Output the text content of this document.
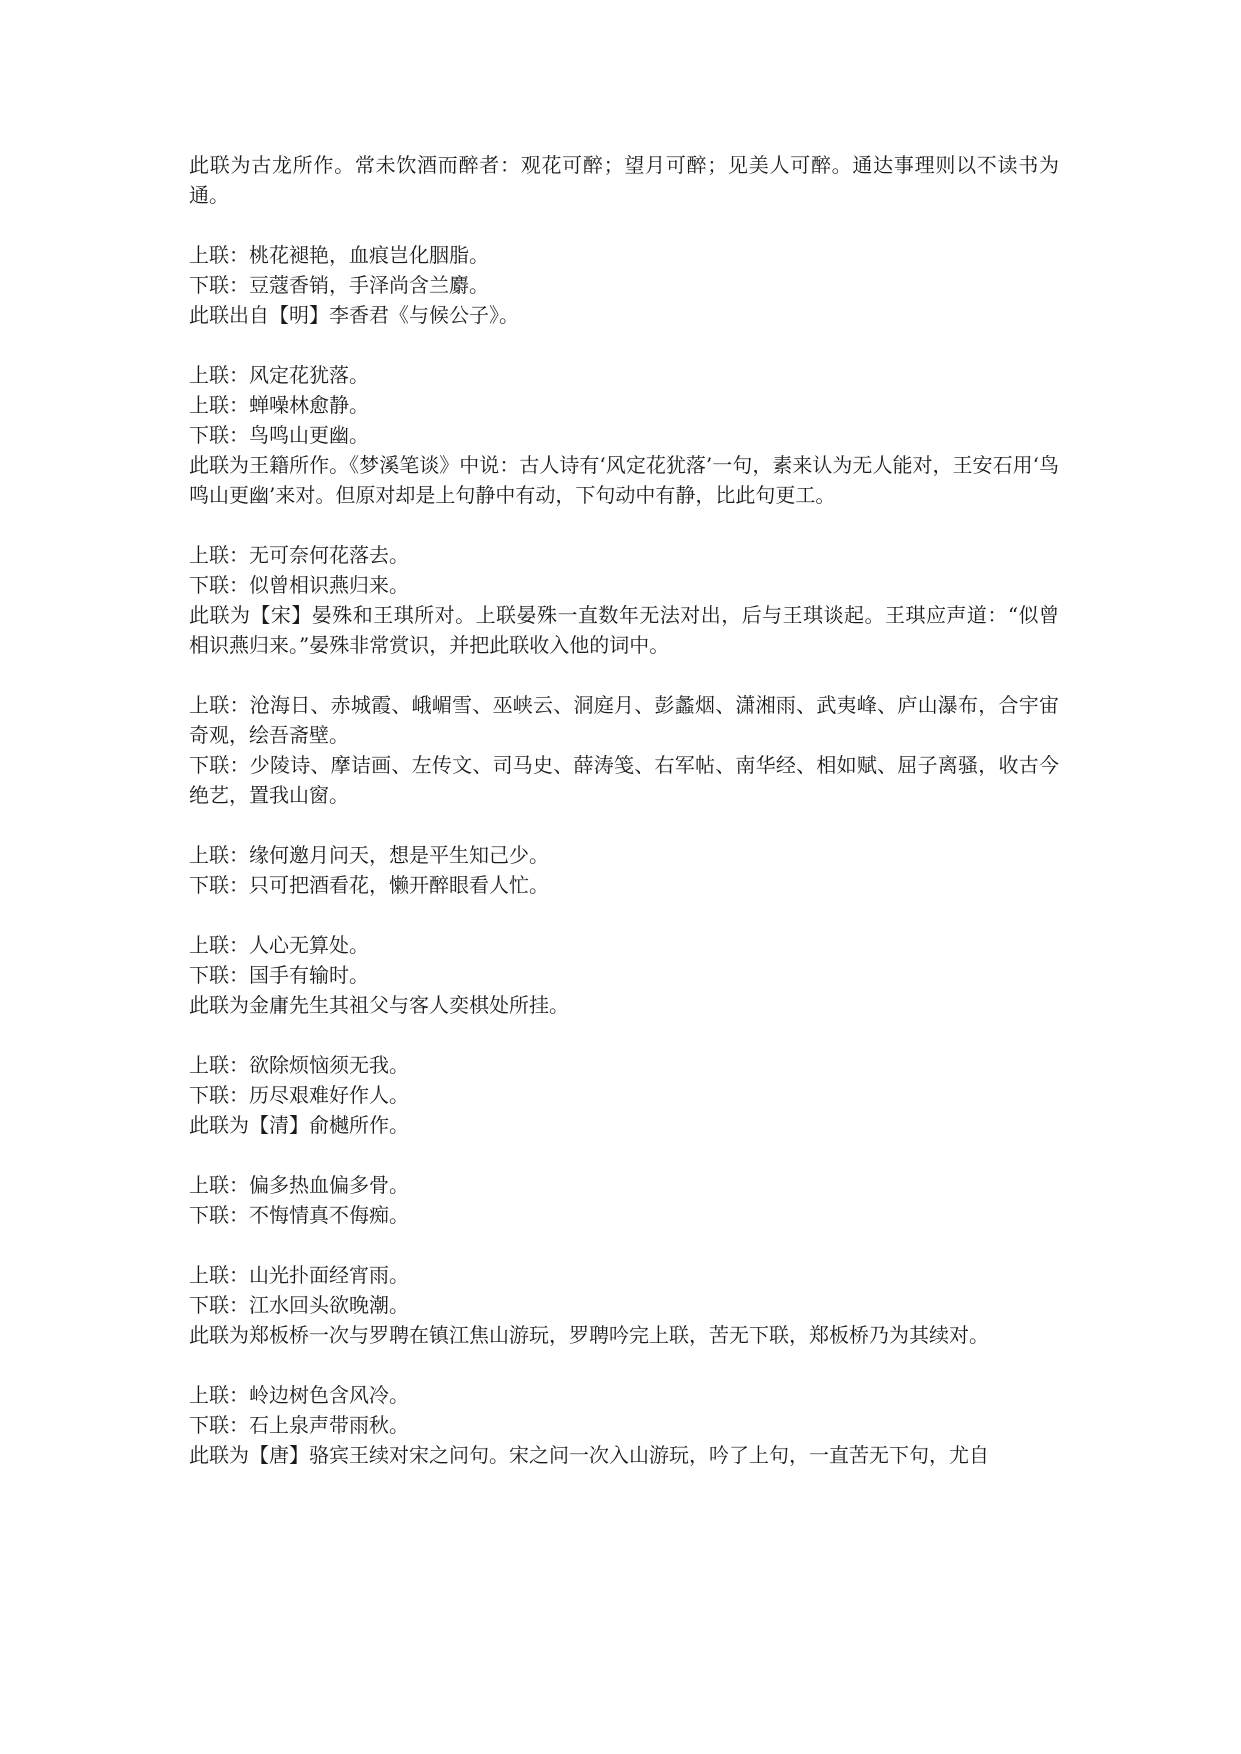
此联为古龙所作。常未饮酒而醉者：观花可醉；望月可醉；见美人可醉。通达事理则以不读书为通。
上联：桃花褪艳，血痕岂化胭脂。
下联：豆蔻香销，手泽尚含兰麝。
此联出自【明】李香君《与候公子》。
上联：风定花犹落。
上联：蝉噪林愈静。
下联：鸟鸣山更幽。
此联为王籍所作。《梦溪笔谈》中说：古人诗有‘风定花犹落’一句，素来认为无人能对，王安石用‘鸟鸣山更幽’来对。但原对却是上句静中有动，下句动中有静，比此句更工。
上联：无可奈何花落去。
下联：似曾相识燕归来。
此联为【宋】晏殊和王琪所对。上联晏殊一直数年无法对出，后与王琪谈起。王琪应声道：“似曾相识燕归来。”晏殊非常赏识，并把此联收入他的词中。
上联：沧海日、赤城霞、峨嵋雪、巫峡云、洞庭月、彭蠡烟、潇湘雨、武夷峰、庐山瀑布，合宇宙奇观，绘吾斋壁。
下联：少陵诗、摩诘画、左传文、司马史、薛涛笺、右军帖、南华经、相如赋、屈子离骚，收古今绝艺，置我山窗。
上联：缘何邀月问天，想是平生知己少。
下联：只可把酒看花，懒开醉眼看人忙。
上联：人心无算处。
下联：国手有输时。
此联为金庸先生其祖父与客人奕棋处所挂。
上联：欲除烦恼须无我。
下联：历尽艰难好作人。
此联为【清】俞樾所作。
上联：偏多热血偏多骨。
下联：不悔情真不侮痴。
上联：山光扑面经宵雨。
下联：江水回头欲晚潮。
此联为郑板桥一次与罗聘在镇江焦山游玩，罗聘吟完上联，苦无下联，郑板桥乃为其续对。
上联：岭边树色含风冷。
下联：石上泉声带雨秋。
此联为【唐】骆宾王续对宋之问句。宋之问一次入山游玩，吟了上句，一直苦无下句，尤自
